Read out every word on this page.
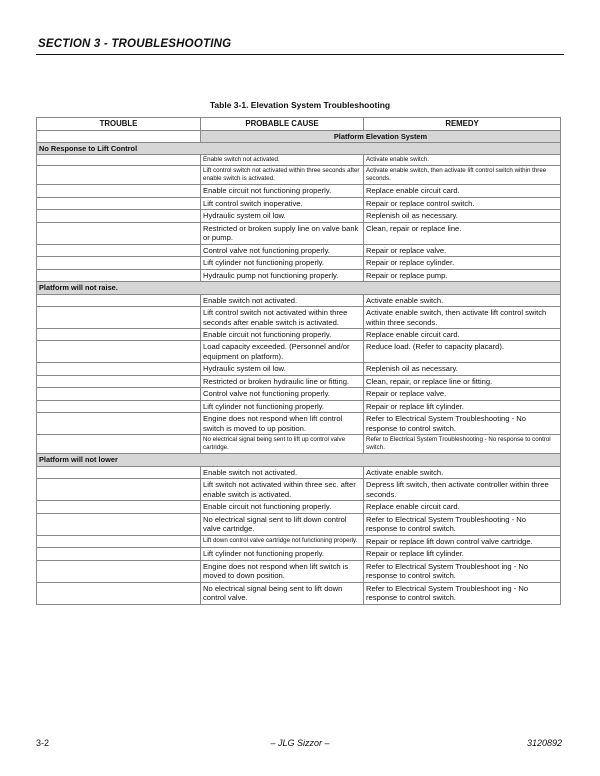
SECTION 3 - TROUBLESHOOTING
Table 3-1. Elevation System Troubleshooting
TROUBLE	PROBABLE CAUSE	REMEDY
	Platform Elevation System	
No Response to Lift Control		
	Enable switch not activated.	Activate enable switch.
	Lift control switch not activated within three seconds after enable switch is activated.	Activate enable switch, then activate lift control switch within three seconds.
	Enable circuit not functioning properly.	Replace enable circuit card.
	Lift control switch inoperative.	Repair or replace control switch.
	Hydraulic system oil low.	Replenish oil as necessary.
	Restricted or broken supply line on valve bank or pump.	Clean, repair or replace line.
	Control valve not functioning properly.	Repair or replace valve.
	Lift cylinder not functioning properly.	Repair or replace cylinder.
	Hydraulic pump not functioning properly.	Repair or replace pump.
Platform will not raise.		
	Enable switch not activated.	Activate enable switch.
	Lift control switch not activated within three seconds after enable switch is activated.	Activate enable switch, then activate lift control switch within three seconds.
	Enable circuit not functioning properly.	Replace enable circuit card.
	Load capacity exceeded. (Personnel and/or equipment on platform).	Reduce load. (Refer to capacity placard).
	Hydraulic system oil low.	Replenish oil as necessary.
	Restricted or broken hydraulic line or fitting.	Clean, repair, or replace line or fitting.
	Control valve not functioning properly.	Repair or replace valve.
	Lift cylinder not functioning properly.	Repair or replace lift cylinder.
	Engine does not respond when lift control switch is moved to up position.	Refer to Electrical System Troubleshooting - No response to control switch.
	No electrical signal being sent to lift up control valve cartridge.	Refer to Electrical System Troubleshooting - No response to control switch.
Platform will not lower		
	Enable switch not activated.	Activate enable switch.
	Lift switch not activated within three sec. after enable switch is activated.	Depress lift switch, then activate controller within three seconds.
	Enable circuit not functioning properly.	Replace enable circuit card.
	No electrical signal sent to lift down control valve cartridge.	Refer to Electrical System Troubleshooting - No response to control switch.
	Lift down control valve cartridge not functioning properly.	Repair or replace lift down control valve cartridge.
	Lift cylinder not functioning properly.	Repair or replace lift cylinder.
	Engine does not respond when lift switch is moved to down position.	Refer to Electrical System Troubleshoot ing - No response to control switch.
	No electrical signal being sent to lift down control valve.	Refer to Electrical System Troubleshoot ing - No response to control switch.
3-2	– JLG Sizzor –	3120892
